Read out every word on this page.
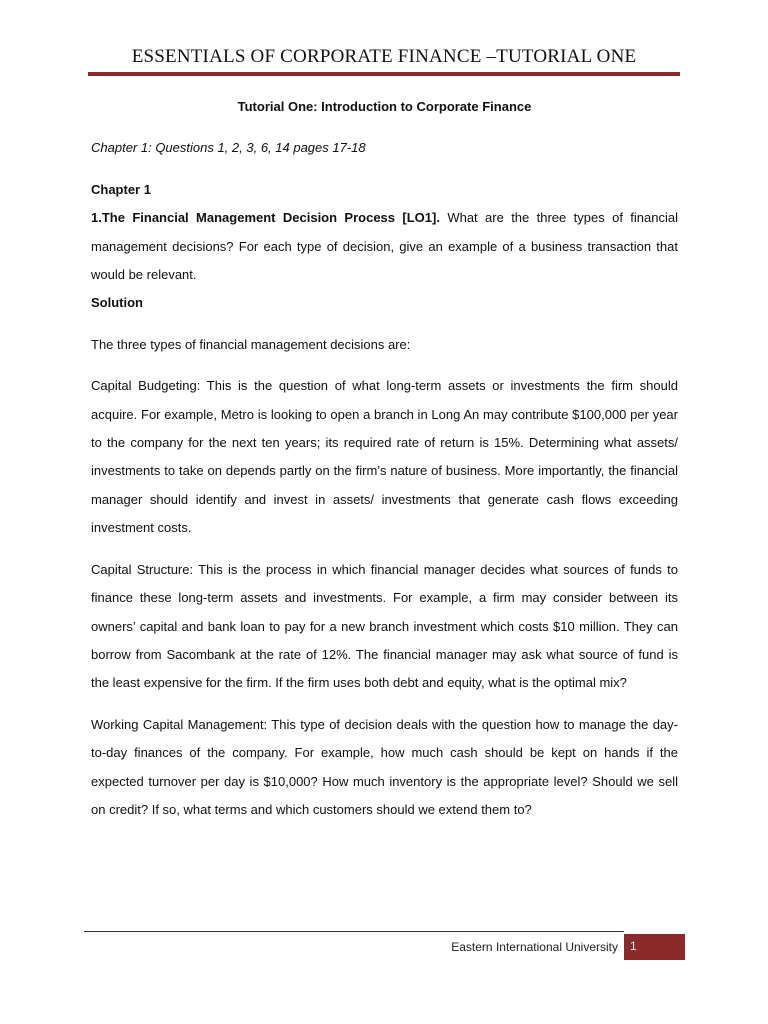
ESSENTIALS OF CORPORATE FINANCE –TUTORIAL ONE

Tutorial One: Introduction to Corporate Finance

Chapter 1: Questions 1, 2, 3, 6, 14 pages 17-18

Chapter 1

1.The Financial Management Decision Process [LO1]. What are the three types of financial management decisions? For each type of decision, give an example of a business transaction that would be relevant.

Solution

The three types of financial management decisions are:

Capital Budgeting: This is the question of what long-term assets or investments the firm should acquire. For example, Metro is looking to open a branch in Long An may contribute $100,000 per year to the company for the next ten years; its required rate of return is 15%. Determining what assets/ investments to take on depends partly on the firm’s nature of business. More importantly, the financial manager should identify and invest in assets/ investments that generate cash flows exceeding investment costs.

Capital Structure: This is the process in which financial manager decides what sources of funds to finance these long-term assets and investments. For example, a firm may consider between its owners’ capital and bank loan to pay for a new branch investment which costs $10 million. They can borrow from Sacombank at the rate of 12%. The financial manager may ask what source of fund is the least expensive for the firm. If the firm uses both debt and equity, what is the optimal mix?

Working Capital Management: This type of decision deals with the question how to manage the day-to-day finances of the company. For example, how much cash should be kept on hands if the expected turnover per day is $10,000? How much inventory is the appropriate level? Should we sell on credit? If so, what terms and which customers should we extend them to?

Eastern International University 1
